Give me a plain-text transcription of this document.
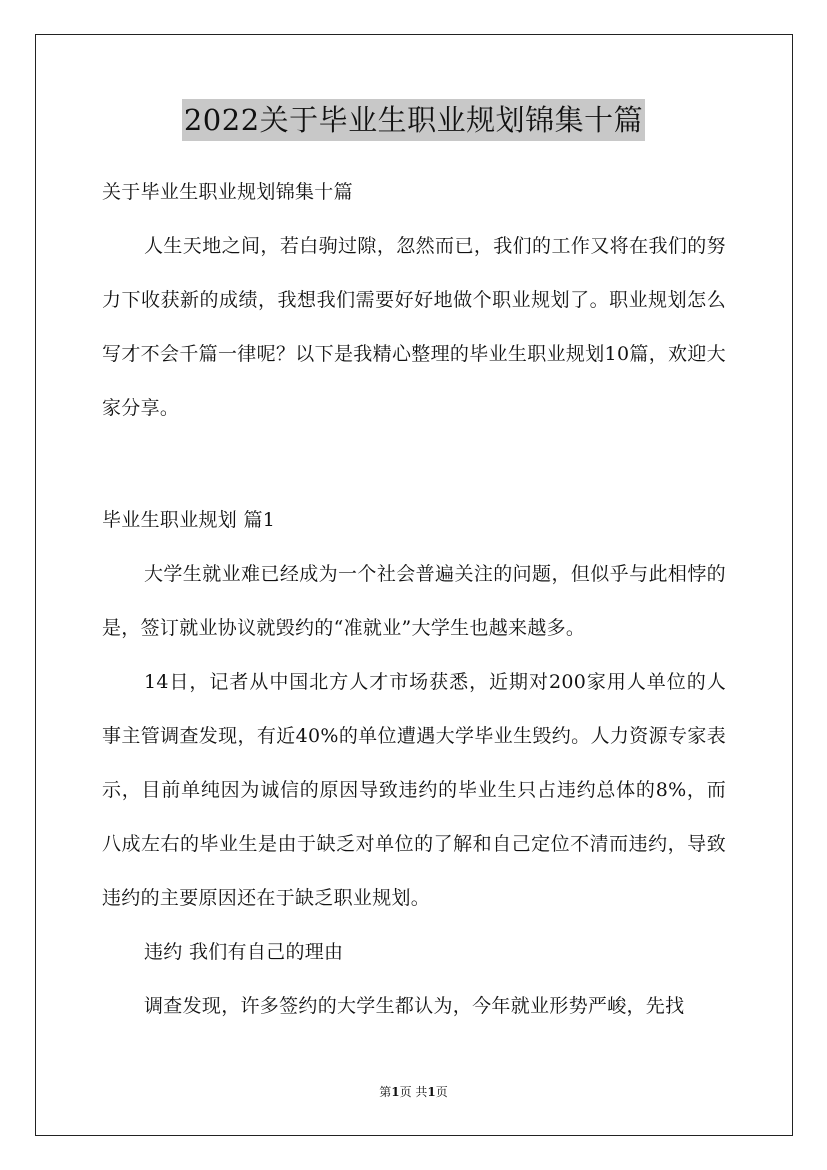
2022关于毕业生职业规划锦集十篇
关于毕业生职业规划锦集十篇
人生天地之间，若白驹过隙，忽然而已，我们的工作又将在我们的努力下收获新的成绩，我想我们需要好好地做个职业规划了。职业规划怎么写才不会千篇一律呢？以下是我精心整理的毕业生职业规划10篇，欢迎大家分享。
毕业生职业规划 篇1
大学生就业难已经成为一个社会普遍关注的问题，但似乎与此相悖的是，签订就业协议就毁约的“准就业”大学生也越来越多。
14日，记者从中国北方人才市场获悉，近期对200家用人单位的人事主管调查发现，有近40%的单位遭遇大学毕业生毁约。人力资源专家表示，目前单纯因为诚信的原因导致违约的毕业生只占违约总体的8%，而八成左右的毕业生是由于缺乏对单位的了解和自己定位不清而违约，导致违约的主要原因还在于缺乏职业规划。
违约 我们有自己的理由
调查发现，许多签约的大学生都认为，今年就业形势严峻，先找
第1页 共1页
